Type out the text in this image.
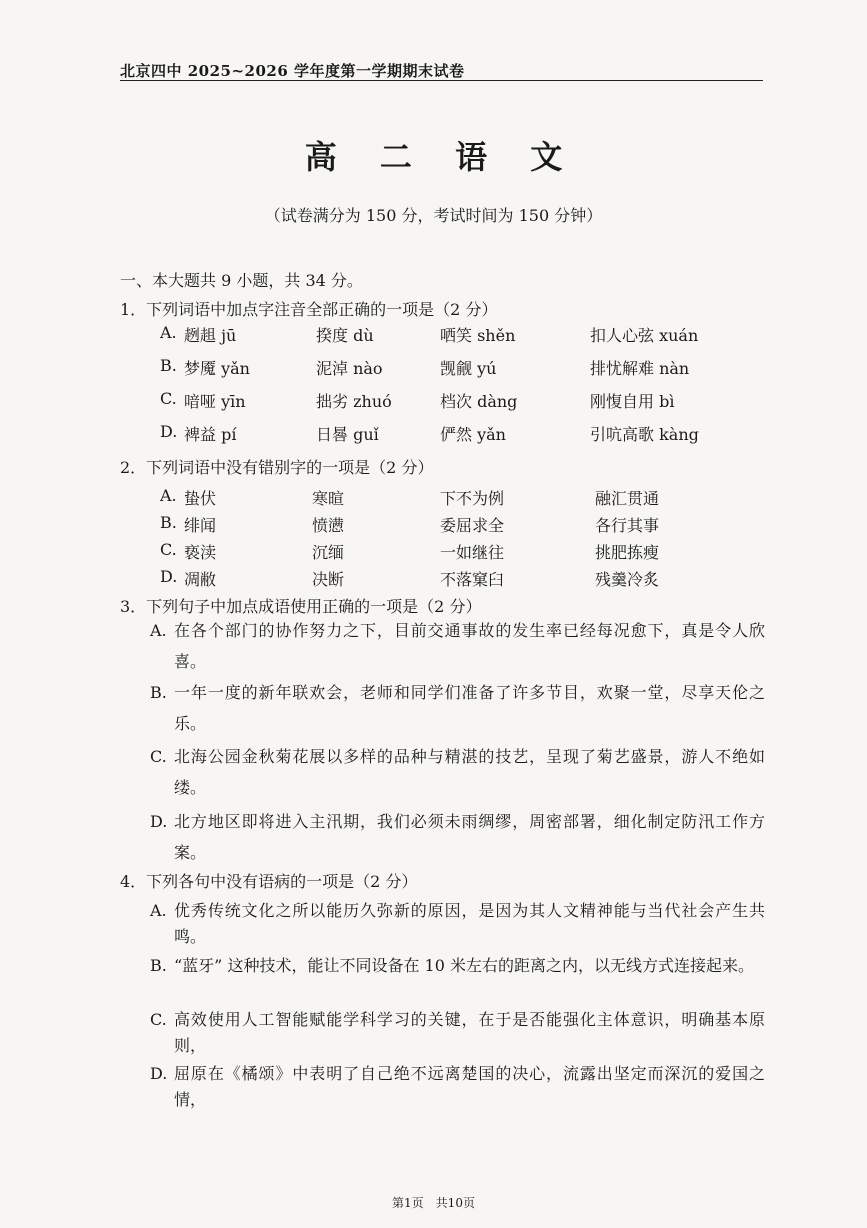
北京四中 2025~2026 学年度第一学期期末试卷
高 二 语 文
（试卷满分为 150 分，考试时间为 150 分钟）
一、本大题共 9 小题，共 34 分。
1．下列词语中加点字注音全部正确的一项是（2 分）
A. 趔趄 jū	揆度 dù	哂笑 shěn	扣人心弦 xuán
B. 梦魇 yǎn	泥淖 nào	觊觎 yú	排忧解难 nàn
C. 喑哑 yīn	拙劣 zhuó	档次 dàng	刚愎自用 bì
D. 裨益 pí	日晷 guǐ	俨然 yǎn	引吭高歌 kàng
2．下列词语中没有错别字的一项是（2 分）
A. 蛰伏	寒暄	下不为例	融汇贯通
B. 绯闻	愤懑	委屈求全	各行其事
C. 亵渎	沉缅	一如继往	挑肥拣瘦
D. 凋敝	决断	不落窠臼	残羹冷炙
3．下列句子中加点成语使用正确的一项是（2 分）
A. 在各个部门的协作努力之下，目前交通事故的发生率已经每况愈下，真是令人欣喜。
B. 一年一度的新年联欢会，老师和同学们准备了许多节目，欢聚一堂，尽享天伦之乐。
C. 北海公园金秋菊花展以多样的品种与精湛的技艺，呈现了菊艺盛景，游人不绝如缕。
D. 北方地区即将进入主汛期，我们必须未雨绸缪，周密部署，细化制定防汛工作方案。
4．下列各句中没有语病的一项是（2 分）
A. 优秀传统文化之所以能历久弥新的原因，是因为其人文精神能与当代社会产生共鸣。
B. “蓝牙” 这种技术，能让不同设备在 10 米左右的距离之内，以无线方式连接起来。
C. 高效使用人工智能赋能学科学习的关键，在于是否能强化主体意识，明确基本原则，
D. 屈原在《橘颂》中表明了自己绝不远离楚国的决心，流露出坚定而深沉的爱国之情，
第1页　共10页
